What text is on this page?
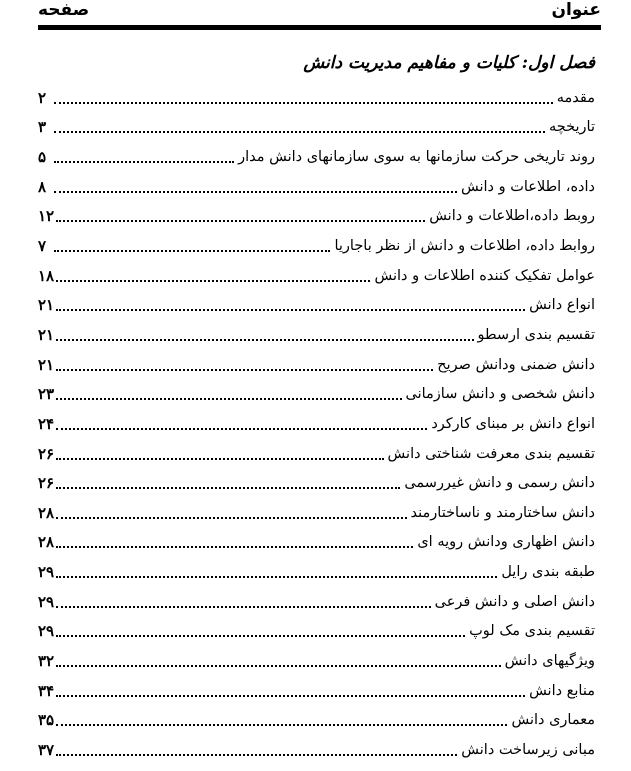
عنوان
صفحه
فصل اول: کلیات و مفاهیم مدیریت دانش
مقدمه
۲
تاریخچه
۳
روند تاریخی حرکت سازمانها به سوی سازمانهای دانش مدار
۵
داده، اطلاعات و دانش
۸
روبط داده،اطلاعات و دانش
۱۲
روابط داده، اطلاعات و دانش از نظر باجاریا
۷
عوامل تفکیک کننده اطلاعات و دانش
۱۸
انواع دانش
۲۱
تقسیم بندی ارسطو
۲۱
دانش ضمنی ودانش صریح
۲۱
دانش شخصی و دانش سازمانی
۲۳
انواع دانش بر مبنای کارکرد
۲۴
تقسیم بندی معرفت شناختی دانش
۲۶
دانش رسمی و دانش غیررسمی
۲۶
دانش ساختارمند و ناساختارمند
۲۸
دانش اظهاری ودانش رویه ای
۲۸
طبقه بندی رایل
۲۹
دانش اصلی و دانش فرعی
۲۹
تقسیم بندی مک لوپ
۲۹
ویژگیهای دانش
۳۲
منابع دانش
۳۴
معماری دانش
۳۵
مبانی زیرساخت دانش
۳۷
